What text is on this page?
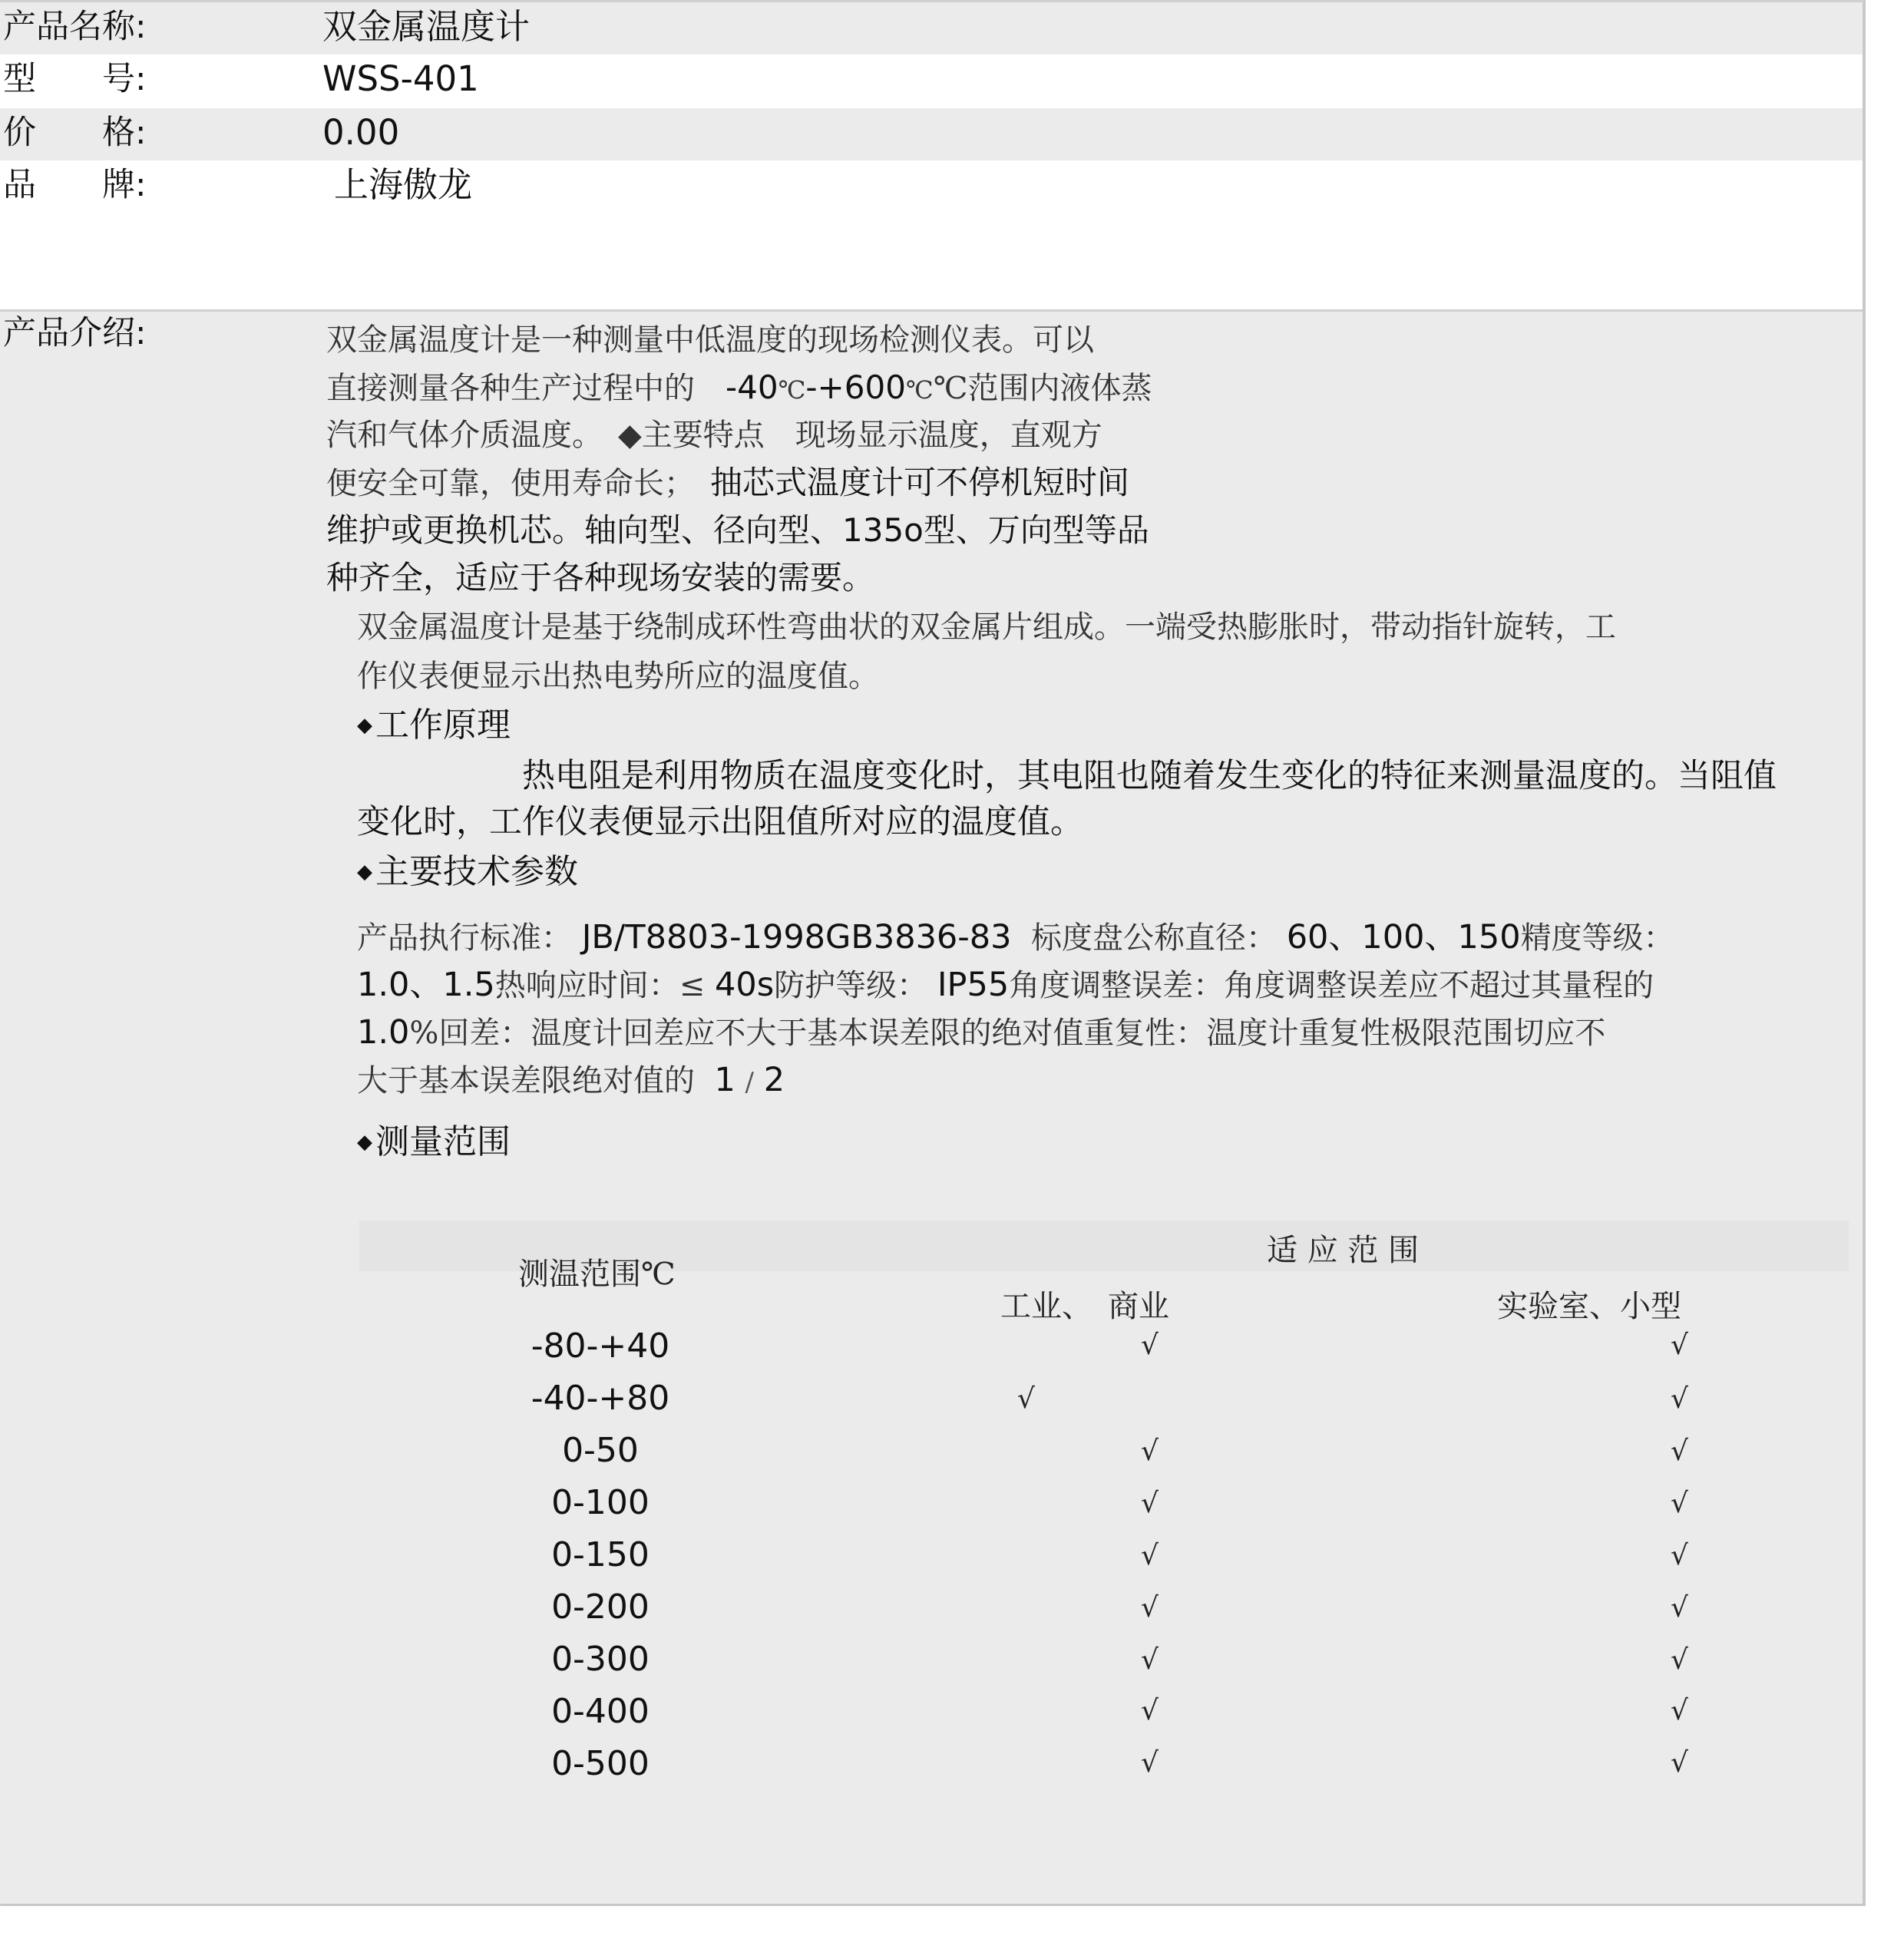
产品名称:	双金属温度计
型　　号:	WSS-401
价　　格:	0.00
品　　牌:	上海傲龙
产品介绍:	双金属温度计是一种测量中低温度的现场检测仪表。可以
直接测量各种生产过程中的　-40℃-+600℃℃范围内液体蒸
汽和气体介质温度。　◆主要特点　现场显示温度，直观方
便安全可靠，使用寿命长；　抽芯式温度计可不停机短时间
维护或更换机芯。轴向型、径向型、135o型、万向型等品
种齐全，适应于各种现场安装的需要。
双金属温度计是基于绕制成环性弯曲状的双金属片组成。一端受热膨胀时，带动指针旋转，工
作仪表便显示出热电势所应的温度值。
◆工作原理
　　　　　热电阻是利用物质在温度变化时，其电阻也随着发生变化的特征来测量温度的。当阻值
变化时，工作仪表便显示出阻值所对应的温度值。
◆主要技术参数
产品执行标准： JB/T8803-1998GB3836-83 标度盘公称直径： 60、100、150精度等级：
1.0、1.5热响应时间：≤ 40s防护等级： IP55角度调整误差：角度调整误差应不超过其量程的
1.0%回差：温度计回差应不大于基本误差限的绝对值重复性：温度计重复性极限范围切应不
大于基本误差限绝对值的 1 / 2
◆测量范围
测温范围℃
适 应 范 围
工业、　商业	实验室、小型
-80-+40	√	√
-40-+80	√	√
0-50	√	√
0-100	√	√
0-150	√	√
0-200	√	√
0-300	√	√
0-400	√	√
0-500	√	√
